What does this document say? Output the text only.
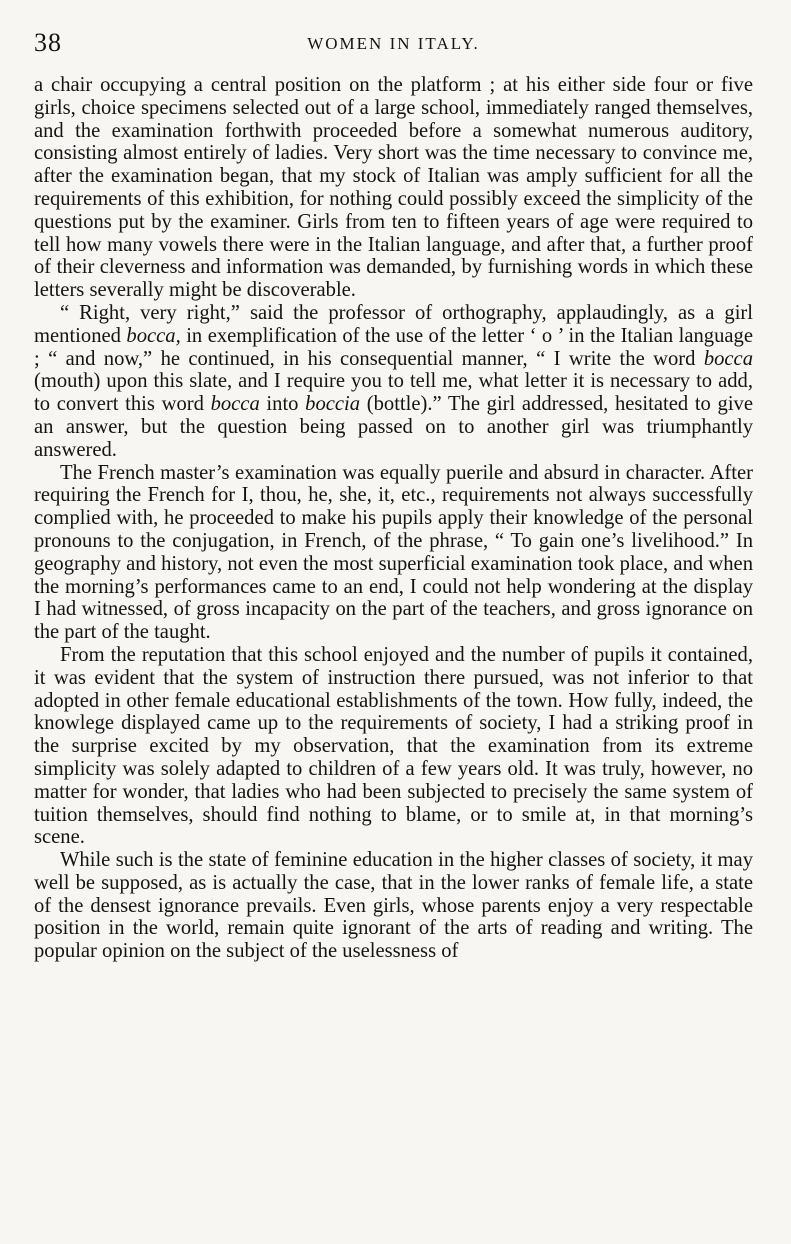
38	WOMEN IN ITALY.

a chair occupying a central position on the platform ; at his either side four or five girls, choice specimens selected out of a large school, immediately ranged themselves, and the examination forthwith proceeded before a somewhat numerous auditory, consisting almost entirely of ladies. Very short was the time necessary to convince me, after the examination began, that my stock of Italian was amply sufficient for all the requirements of this exhibition, for nothing could possibly exceed the simplicity of the questions put by the examiner. Girls from ten to fifteen years of age were required to tell how many vowels there were in the Italian language, and after that, a further proof of their cleverness and information was demanded, by furnishing words in which these letters severally might be discoverable.

“ Right, very right,” said the professor of orthography, applaudingly, as a girl mentioned bocca, in exemplification of the use of the letter ‘ o ’ in the Italian language ; “ and now,” he continued, in his consequential manner, “ I write the word bocca (mouth) upon this slate, and I require you to tell me, what letter it is necessary to add, to convert this word bocca into boccia (bottle).” The girl addressed, hesitated to give an answer, but the question being passed on to another girl was triumphantly answered.

The French master’s examination was equally puerile and absurd in character. After requiring the French for I, thou, he, she, it, etc., requirements not always successfully complied with, he proceeded to make his pupils apply their knowledge of the personal pronouns to the conjugation, in French, of the phrase, “ To gain one’s livelihood.” In geography and history, not even the most superficial examination took place, and when the morning’s performances came to an end, I could not help wondering at the display I had witnessed, of gross incapacity on the part of the teachers, and gross ignorance on the part of the taught.

From the reputation that this school enjoyed and the number of pupils it contained, it was evident that the system of instruction there pursued, was not inferior to that adopted in other female educational establishments of the town. How fully, indeed, the knowlege displayed came up to the requirements of society, I had a striking proof in the surprise excited by my observation, that the examination from its extreme simplicity was solely adapted to children of a few years old. It was truly, however, no matter for wonder, that ladies who had been subjected to precisely the same system of tuition themselves, should find nothing to blame, or to smile at, in that morning’s scene.

While such is the state of feminine education in the higher classes of society, it may well be supposed, as is actually the case, that in the lower ranks of female life, a state of the densest ignorance prevails. Even girls, whose parents enjoy a very respectable position in the world, remain quite ignorant of the arts of reading and writing. The popular opinion on the subject of the uselessness of
